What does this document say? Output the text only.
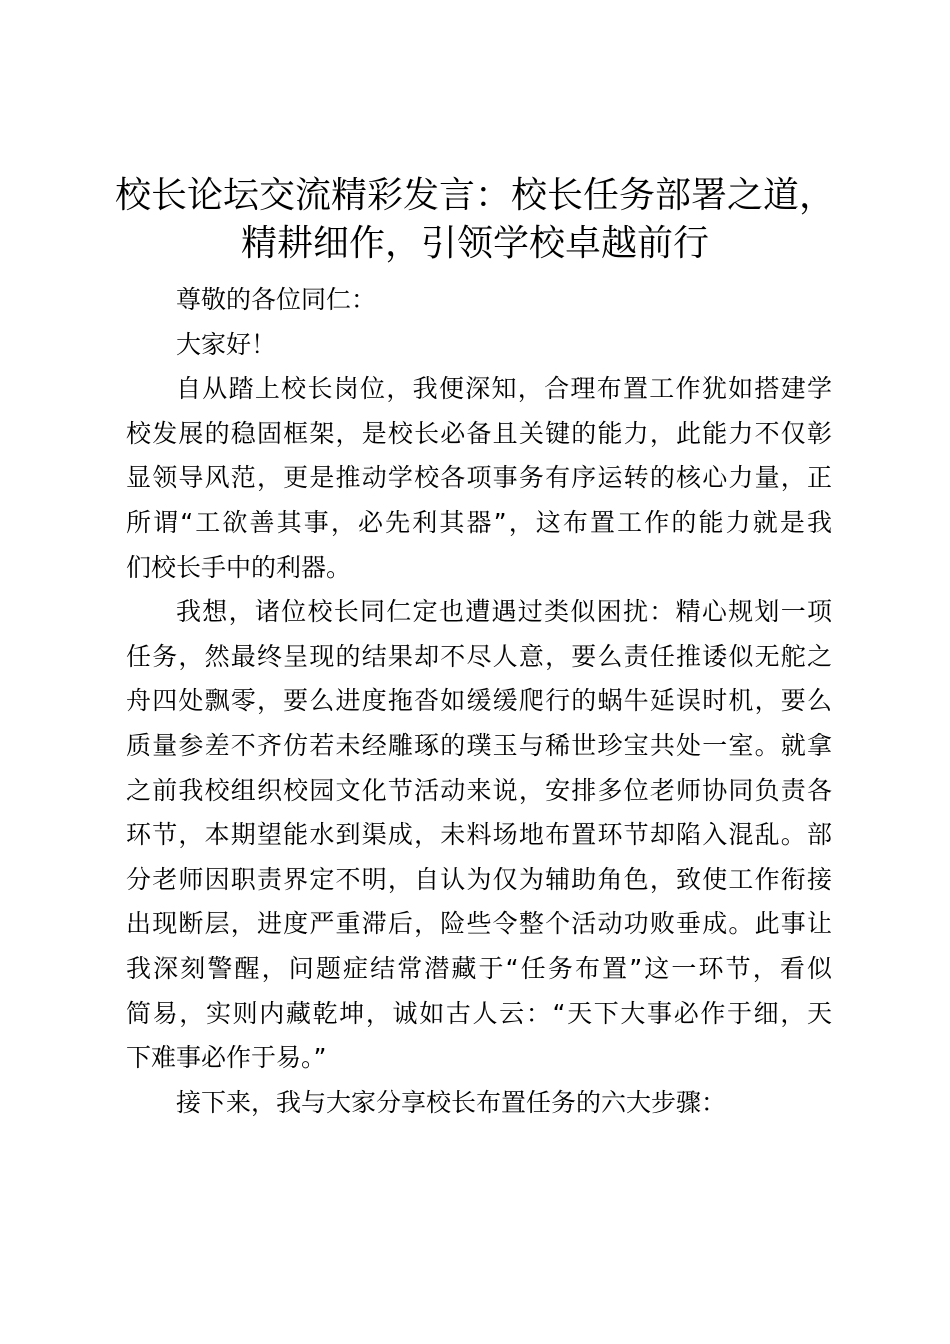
校长论坛交流精彩发言：校长任务部署之道，
精耕细作，引领学校卓越前行

尊敬的各位同仁：

大家好！

自从踏上校长岗位，我便深知，合理布置工作犹如搭建学
校发展的稳固框架，是校长必备且关键的能力，此能力不仅彰
显领导风范，更是推动学校各项事务有序运转的核心力量，正
所谓“工欲善其事，必先利其器”，这布置工作的能力就是我
们校长手中的利器。

我想，诸位校长同仁定也遭遇过类似困扰：精心规划一项
任务，然最终呈现的结果却不尽人意，要么责任推诿似无舵之
舟四处飘零，要么进度拖沓如缓缓爬行的蜗牛延误时机，要么
质量参差不齐仿若未经雕琢的璞玉与稀世珍宝共处一室。就拿
之前我校组织校园文化节活动来说，安排多位老师协同负责各
环节，本期望能水到渠成，未料场地布置环节却陷入混乱。部
分老师因职责界定不明，自认为仅为辅助角色，致使工作衔接
出现断层，进度严重滞后，险些令整个活动功败垂成。此事让
我深刻警醒，问题症结常潜藏于“任务布置”这一环节，看似
简易，实则内藏乾坤，诚如古人云：“天下大事必作于细，天
下难事必作于易。”

接下来，我与大家分享校长布置任务的六大步骤：
